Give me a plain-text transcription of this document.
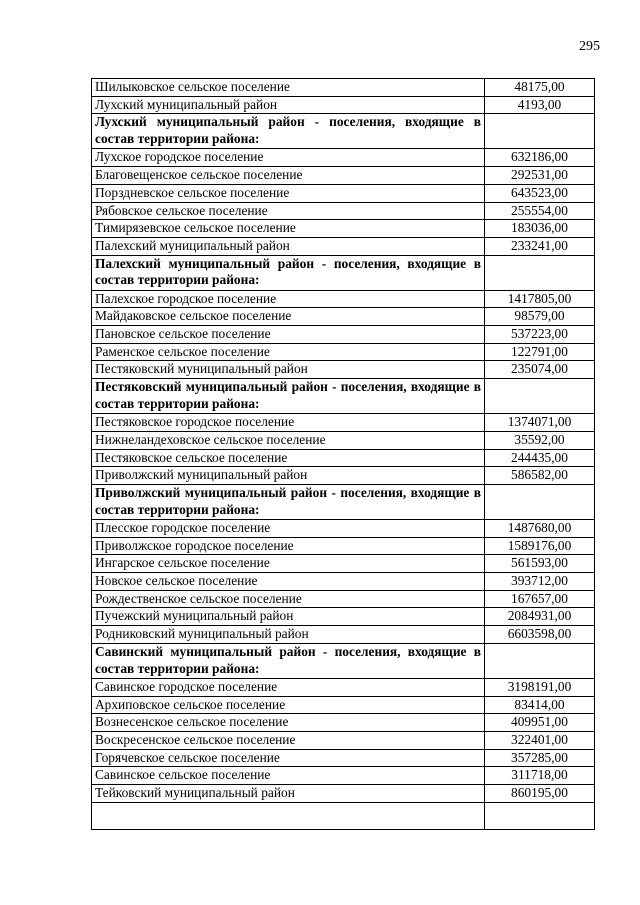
295
Шилыковское сельское поселение	48175,00
Лухский муниципальный район	4193,00
Лухский муниципальный район - поселения, входящие в состав территории района:	
Лухское городское поселение	632186,00
Благовещенское сельское поселение	292531,00
Порздневское сельское поселение	643523,00
Рябовское сельское поселение	255554,00
Тимирязевское сельское поселение	183036,00
Палехский муниципальный район	233241,00
Палехский муниципальный район - поселения, входящие в состав территории района:	
Палехское городское поселение	1417805,00
Майдаковское сельское поселение	98579,00
Пановское сельское поселение	537223,00
Раменское сельское поселение	122791,00
Пестяковский муниципальный район	235074,00
Пестяковский муниципальный район - поселения, входящие в состав территории района:	
Пестяковское городское поселение	1374071,00
Нижнеландеховское сельское поселение	35592,00
Пестяковское сельское поселение	244435,00
Приволжский муниципальный район	586582,00
Приволжский муниципальный район - поселения, входящие в состав территории района:	
Плесское городское поселение	1487680,00
Приволжское городское поселение	1589176,00
Ингарское сельское поселение	561593,00
Новское сельское поселение	393712,00
Рождественское сельское поселение	167657,00
Пучежский муниципальный район	2084931,00
Родниковский муниципальный район	6603598,00
Савинский муниципальный район - поселения, входящие в состав территории района:	
Савинское городское поселение	3198191,00
Архиповское сельское поселение	83414,00
Вознесенское сельское поселение	409951,00
Воскресенское сельское поселение	322401,00
Горячевское сельское поселение	357285,00
Савинское сельское поселение	311718,00
Тейковский муниципальный район	860195,00
